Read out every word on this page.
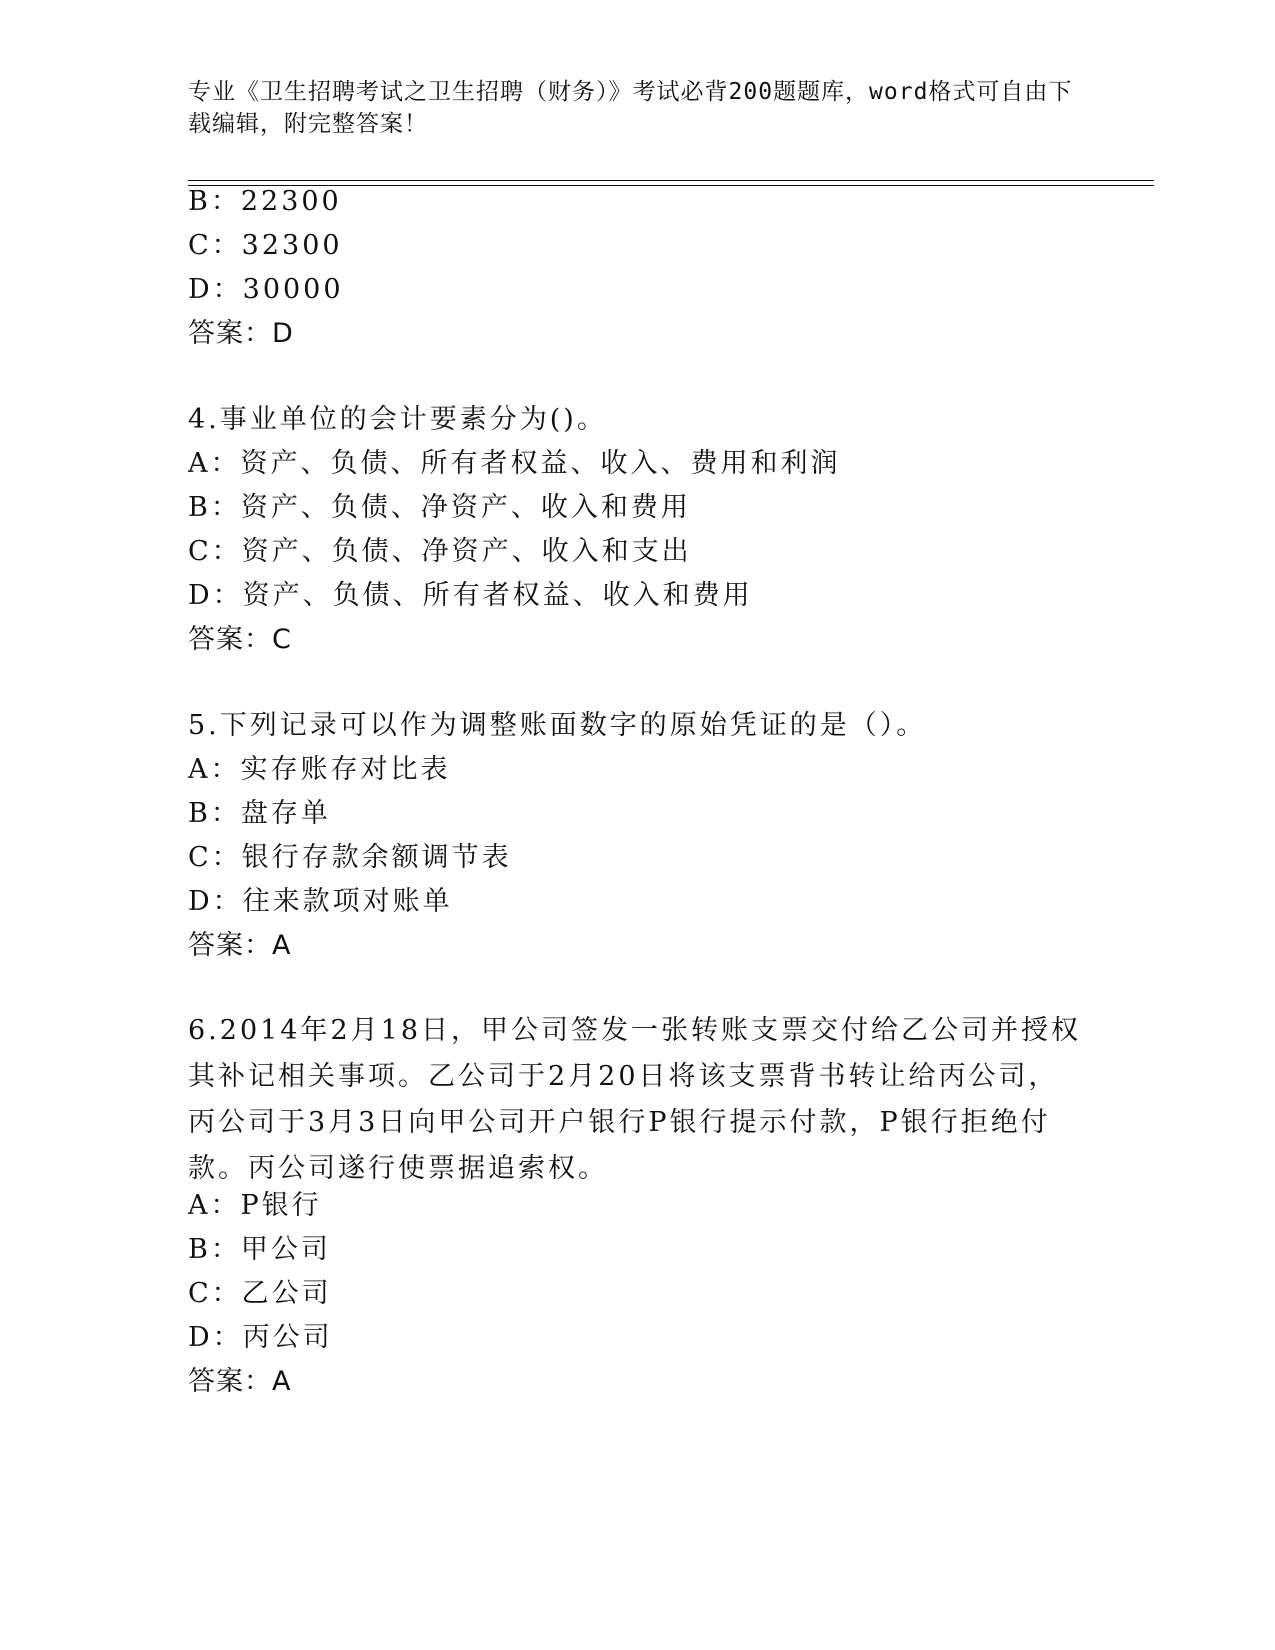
专业《卫生招聘考试之卫生招聘（财务）》考试必背200题题库，word格式可自由下载编辑，附完整答案！
B：22300
C：32300
D：30000
答案：D
4.事业单位的会计要素分为()。
A：资产、负债、所有者权益、收入、费用和利润
B：资产、负债、净资产、收入和费用
C：资产、负债、净资产、收入和支出
D：资产、负债、所有者权益、收入和费用
答案：C
5.下列记录可以作为调整账面数字的原始凭证的是（）。
A：实存账存对比表
B：盘存单
C：银行存款余额调节表
D：往来款项对账单
答案：A
6.2014年2月18日，甲公司签发一张转账支票交付给乙公司并授权其补记相关事项。乙公司于2月20日将该支票背书转让给丙公司，丙公司于3月3日向甲公司开户银行P银行提示付款，P银行拒绝付款。丙公司遂行使票据追索权。
A：P银行
B：甲公司
C：乙公司
D：丙公司
答案：A
